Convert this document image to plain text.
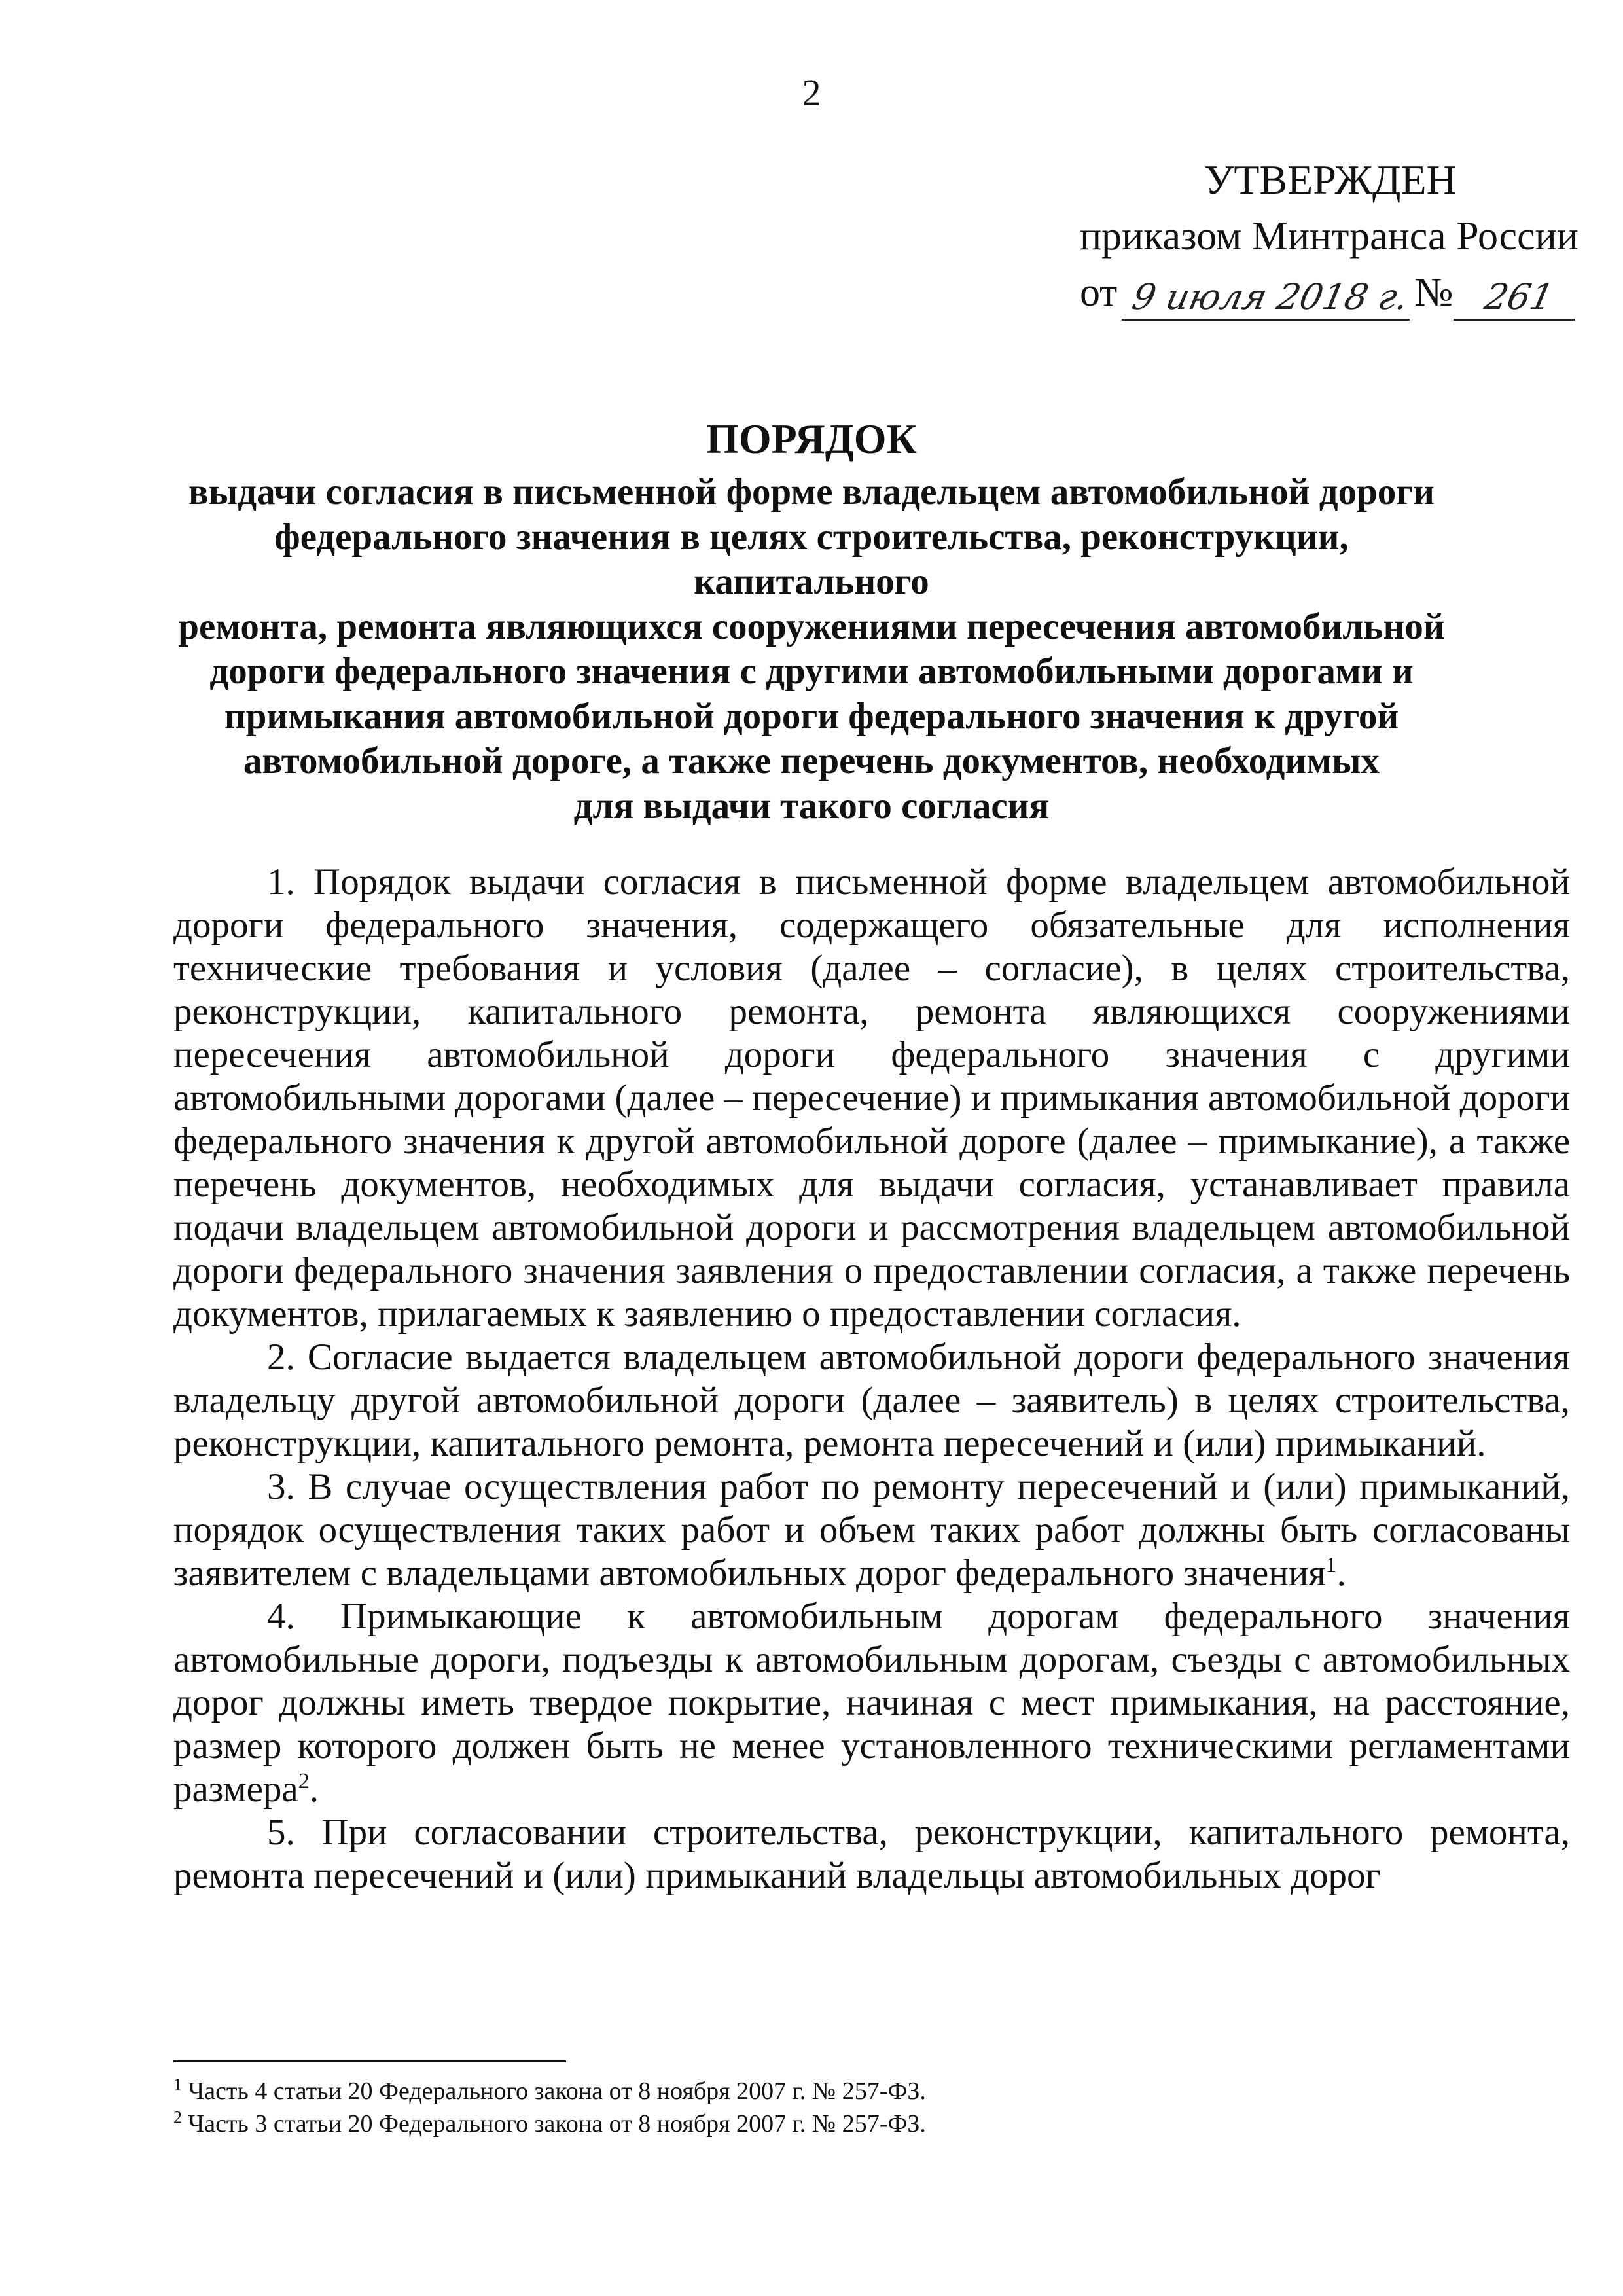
2
УТВЕРЖДЕН
приказом Минтранса России
от 9 июля 2018 г. № 261
ПОРЯДОК
выдачи согласия в письменной форме владельцем автомобильной дороги
федерального значения в целях строительства, реконструкции, капитального
ремонта, ремонта являющихся сооружениями пересечения автомобильной
дороги федерального значения с другими автомобильными дорогами и
примыкания автомобильной дороги федерального значения к другой
автомобильной дороге, а также перечень документов, необходимых
для выдачи такого согласия

1. Порядок выдачи согласия в письменной форме владельцем автомобильной дороги федерального значения, содержащего обязательные для исполнения технические требования и условия (далее – согласие), в целях строительства, реконструкции, капитального ремонта, ремонта являющихся сооружениями пересечения автомобильной дороги федерального значения с другими автомобильными дорогами (далее – пересечение) и примыкания автомобильной дороги федерального значения к другой автомобильной дороге (далее – примыкание), а также перечень документов, необходимых для выдачи согласия, устанавливает правила подачи владельцем автомобильной дороги и рассмотрения владельцем автомобильной дороги федерального значения заявления о предоставлении согласия, а также перечень документов, прилагаемых к заявлению о предоставлении согласия.

2. Согласие выдается владельцем автомобильной дороги федерального значения владельцу другой автомобильной дороги (далее – заявитель) в целях строительства, реконструкции, капитального ремонта, ремонта пересечений и (или) примыканий.

3. В случае осуществления работ по ремонту пересечений и (или) примыканий, порядок осуществления таких работ и объем таких работ должны быть согласованы заявителем с владельцами автомобильных дорог федерального значения$^1$.

4. Примыкающие к автомобильным дорогам федерального значения автомобильные дороги, подъезды к автомобильным дорогам, съезды с автомобильных дорог должны иметь твердое покрытие, начиная с мест примыкания, на расстояние, размер которого должен быть не менее установленного техническими регламентами размера$^2$.

5. При согласовании строительства, реконструкции, капитального ремонта, ремонта пересечений и (или) примыканий владельцы автомобильных дорог

$^1$ Часть 4 статьи 20 Федерального закона от 8 ноября 2007 г. № 257-ФЗ.

$^2$ Часть 3 статьи 20 Федерального закона от 8 ноября 2007 г. № 257-ФЗ.
